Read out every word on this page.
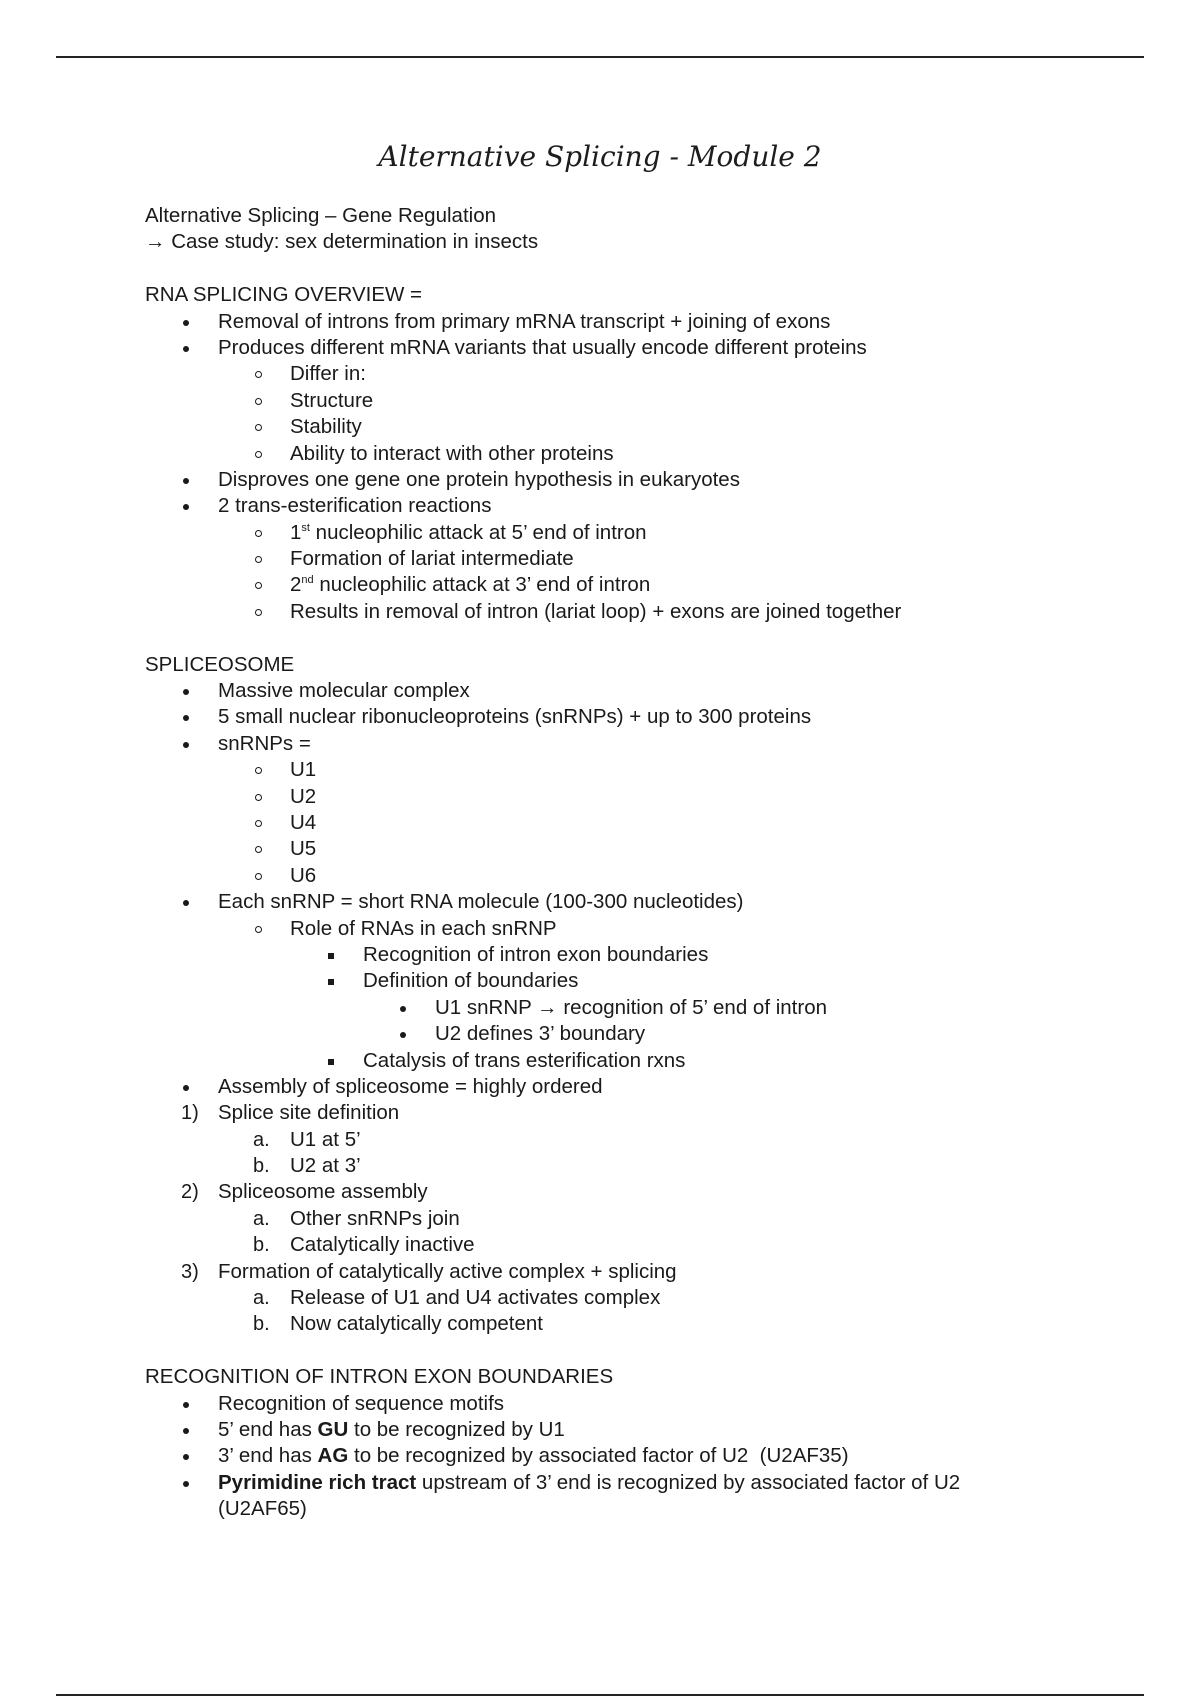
Alternative Splicing - Module 2
Alternative Splicing – Gene Regulation
→ Case study: sex determination in insects
RNA SPLICING OVERVIEW =
Removal of introns from primary mRNA transcript + joining of exons
Produces different mRNA variants that usually encode different proteins
Differ in:
Structure
Stability
Ability to interact with other proteins
Disproves one gene one protein hypothesis in eukaryotes
2 trans-esterification reactions
1st nucleophilic attack at 5’ end of intron
Formation of lariat intermediate
2nd nucleophilic attack at 3’ end of intron
Results in removal of intron (lariat loop) + exons are joined together
SPLICEOSOME
Massive molecular complex
5 small nuclear ribonucleoproteins (snRNPs) + up to 300 proteins
snRNPs =
U1
U2
U4
U5
U6
Each snRNP = short RNA molecule (100-300 nucleotides)
Role of RNAs in each snRNP
Recognition of intron exon boundaries
Definition of boundaries
U1 snRNP → recognition of 5’ end of intron
U2 defines 3’ boundary
Catalysis of trans esterification rxns
Assembly of spliceosome = highly ordered
1) Splice site definition
a. U1 at 5’
b. U2 at 3’
2) Spliceosome assembly
a. Other snRNPs join
b. Catalytically inactive
3) Formation of catalytically active complex + splicing
a. Release of U1 and U4 activates complex
b. Now catalytically competent
RECOGNITION OF INTRON EXON BOUNDARIES
Recognition of sequence motifs
5’ end has GU to be recognized by U1
3’ end has AG to be recognized by associated factor of U2  (U2AF35)
Pyrimidine rich tract upstream of 3’ end is recognized by associated factor of U2
(U2AF65)
